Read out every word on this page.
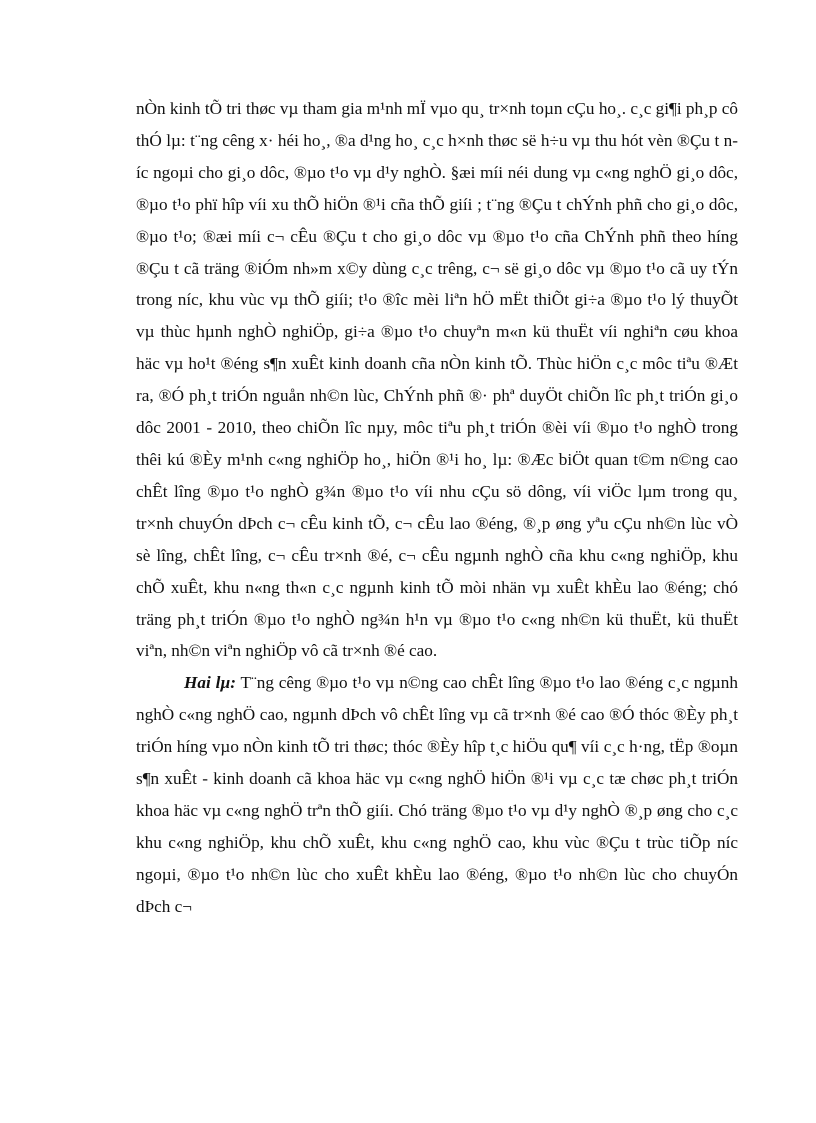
nÒn kinh tÕ tri thøc vµ tham gia m¹nh mÏ vµo qu¸ tr×nh toµn cÇu ho¸. c¸c gi¶i ph¸p cô thÓ lµ: t¨ng cêng x· héi ho¸, ®a d¹ng ho¸ c¸c h×nh thøc së h÷u vµ thu hót vèn ®Çu t níc ngoµi cho gi¸o dôc, ®µo t¹o vµ d¹y nghÒ. §æi míi néi dung vµ c«ng nghÖ gi¸o dôc, ®µo t¹o phï hîp víi xu thÕ hiÖn ®¹i cña thÕ giíi ; t¨ng ®Çu t chÝnh phñ cho gi¸o dôc, ®µo t¹o; ®æi míi c¬ cÊu ®Çu t cho gi¸o dôc vµ ®µo t¹o cña ChÝnh phñ theo híng ®Çu t cã träng ®iÓm nh»m x©y dùng c¸c trêng, c¬ së gi¸o dôc vµ ®µo t¹o cã uy tÝn trong níc, khu vùc vµ thÕ giíi; t¹o ®îc mèi liªn hÖ mËt thiÕt gi÷a ®µo t¹o lý thuyÕt vµ thùc hµnh nghÒ nghiÖp, gi÷a ®µo t¹o chuyªn m«n kü thuËt víi nghiªn cøu khoa häc vµ ho¹t ®éng s¶n xuÊt kinh doanh cña nÒn kinh tÕ. Thùc hiÖn c¸c môc tiªu ®Æt ra, ®Ó ph¸t triÓn nguån nh©n lùc, ChÝnh phñ ®· phª duyÖt chiÕn lîc ph¸t triÓn gi¸o dôc 2001 - 2010, theo chiÕn lîc nµy, môc tiªu ph¸t triÓn ®èi víi ®µo t¹o nghÒ trong thêi kú ®Èy m¹nh c«ng nghiÖp ho¸, hiÖn ®¹i ho¸ lµ: ®Æc biÖt quan t©m n©ng cao chÊt lîng ®µo t¹o nghÒ g¾n ®µo t¹o víi nhu cÇu sö dông, víi viÖc lµm trong qu¸ tr×nh chuyÓn dÞch c¬ cÊu kinh tÕ, c¬ cÊu lao ®éng, ®¸p øng yªu cÇu nh©n lùc vÒ sè lîng, chÊt lîng, c¬ cÊu tr×nh ®é, c¬ cÊu ngµnh nghÒ cña khu c«ng nghiÖp, khu chÕ xuÊt, khu n«ng th«n c¸c ngµnh kinh tÕ mòi nhän vµ xuÊt khÈu lao ®éng; chó träng ph¸t triÓn ®µo t¹o nghÒ ng¾n h¹n vµ ®µo t¹o c«ng nh©n kü thuËt, kü thuËt viªn, nh©n viªn nghiÖp vô cã tr×nh ®é cao.

Hai lµ: T¨ng cêng ®µo t¹o vµ n©ng cao chÊt lîng ®µo t¹o lao ®éng c¸c ngµnh nghÒ c«ng nghÖ cao, ngµnh dÞch vô chÊt lîng vµ cã tr×nh ®é cao ®Ó thóc ®Èy ph¸t triÓn híng vµo nÒn kinh tÕ tri thøc; thóc ®Èy hîp t¸c hiÖu qu¶ víi c¸c h·ng, tËp ®oµn s¶n xuÊt - kinh doanh cã khoa häc vµ c«ng nghÖ hiÖn ®¹i vµ c¸c tæ chøc ph¸t triÓn khoa häc vµ c«ng nghÖ trªn thÕ giíi. Chó träng ®µo t¹o vµ d¹y nghÒ ®¸p øng cho c¸c khu c«ng nghiÖp, khu chÕ xuÊt, khu c«ng nghÖ cao, khu vùc ®Çu t trùc tiÕp níc ngoµi, ®µo t¹o nh©n lùc cho xuÊt khÈu lao ®éng, ®µo t¹o nh©n lùc cho chuyÓn dÞch c¬
